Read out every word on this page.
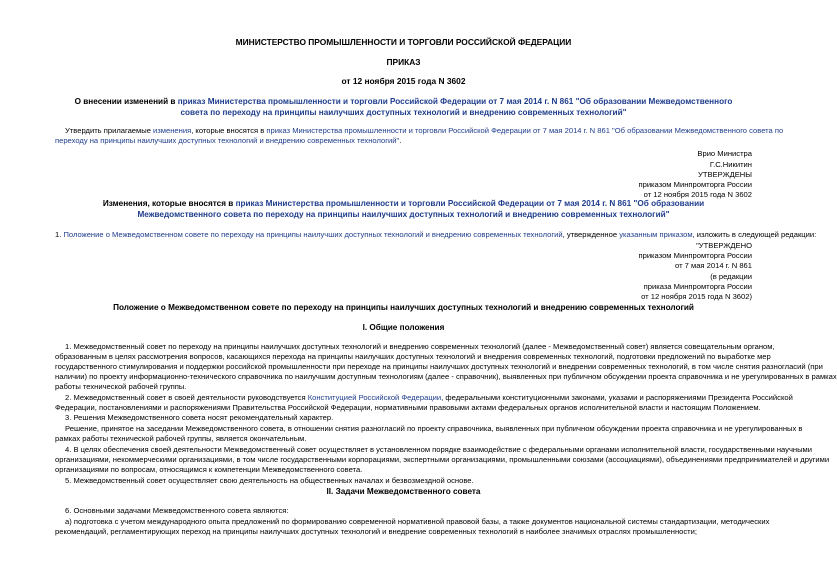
МИНИСТЕРСТВО ПРОМЫШЛЕННОСТИ И ТОРГОВЛИ РОССИЙСКОЙ ФЕДЕРАЦИИ
ПРИКАЗ
от 12 ноября 2015 года N 3602
О внесении изменений в приказ Министерства промышленности и торговли Российской Федерации от 7 мая 2014 г. N 861 "Об образовании Межведомственного
совета по переходу на принципы наилучших доступных технологий и внедрению современных технологий"
Утвердить прилагаемые изменения, которые вносятся в приказ Министерства промышленности и торговли Российской Федерации от 7 мая 2014 г. N 861 "Об образовании Межведомственного совета по
переходу на принципы наилучших доступных технологий и внедрению современных технологий".
Врио Министра
Г.С.Никитин
УТВЕРЖДЕНЫ
приказом Минпромторга России
от 12 ноября 2015 года N 3602
Изменения, которые вносятся в приказ Министерства промышленности и торговли Российской Федерации от 7 мая 2014 г. N 861 "Об образовании
Межведомственного совета по переходу на принципы наилучших доступных технологий и внедрению современных технологий"
1. Положение о Межведомственном совете по переходу на принципы наилучших доступных технологий и внедрению современных технологий, утвержденное указанным приказом, изложить в следующей редакции:
"УТВЕРЖДЕНО
приказом Минпромторга России
от 7 мая 2014 г. N 861
(в редакции
приказа Минпромторга России
от 12 ноября 2015 года N 3602)
Положение о Межведомственном совете по переходу на принципы наилучших доступных технологий и внедрению современных технологий
I. Общие положения
1. Межведомственный совет по переходу на принципы наилучших доступных технологий и внедрению современных технологий (далее - Межведомственный совет) является совещательным органом,
образованным в целях рассмотрения вопросов, касающихся перехода на принципы наилучших доступных технологий и внедрения современных технологий, подготовки предложений по выработке мер
государственного стимулирования и поддержки российской промышленности при переходе на принципы наилучших доступных технологий и внедрении современных технологий, в том числе снятия разногласий (при
наличии) по проекту информационно-технического справочника по наилучшим доступным технологиям (далее - справочник), выявленных при публичном обсуждении проекта справочника и не урегулированных в рамках
работы технической рабочей группы.
2. Межведомственный совет в своей деятельности руководствуется Конституцией Российской Федерации, федеральными конституционными законами, указами и распоряжениями Президента Российской
Федерации, постановлениями и распоряжениями Правительства Российской Федерации, нормативными правовыми актами федеральных органов исполнительной власти и настоящим Положением.
3. Решения Межведомственного совета носят рекомендательный характер.
Решение, принятое на заседании Межведомственного совета, в отношении снятия разногласий по проекту справочника, выявленных при публичном обсуждении проекта справочника и не урегулированных в
рамках работы технической рабочей группы, является окончательным.
4. В целях обеспечения своей деятельности Межведомственный совет осуществляет в установленном порядке взаимодействие с федеральными органами исполнительной власти, государственными научными
организациями, некоммерческими организациями, в том числе государственными корпорациями, экспертными организациями, промышленными союзами (ассоциациями), объединениями предпринимателей и другими
организациями по вопросам, относящимся к компетенции Межведомственного совета.
5. Межведомственный совет осуществляет свою деятельность на общественных началах и безвозмездной основе.
II. Задачи Межведомственного совета
6. Основными задачами Межведомственного совета являются:
а) подготовка с учетом международного опыта предложений по формированию современной нормативной правовой базы, а также документов национальной системы стандартизации, методических
рекомендаций, регламентирующих переход на принципы наилучших доступных технологий и внедрение современных технологий в наиболее значимых отраслях промышленности;
